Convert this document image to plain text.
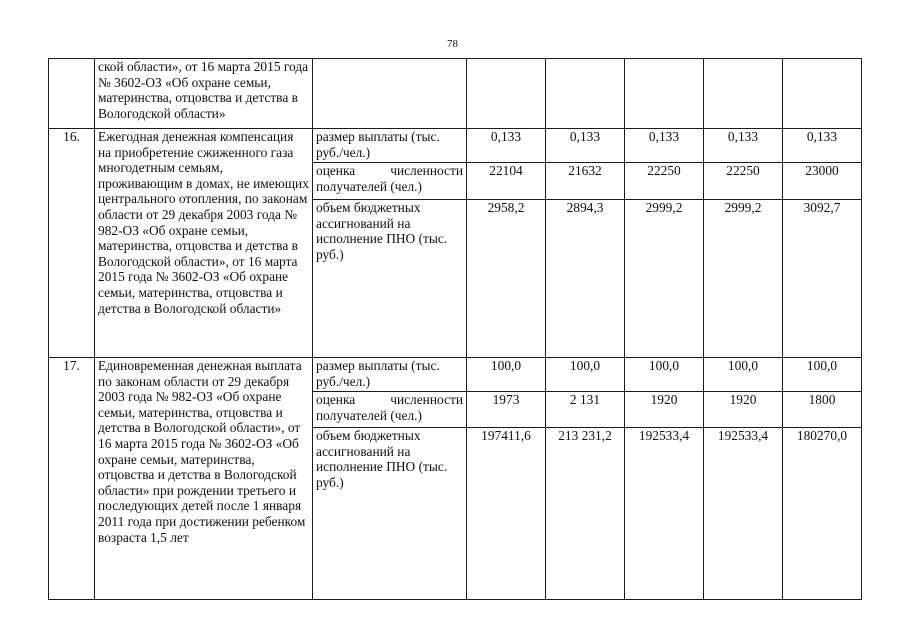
78
	ской области», от 16 марта 2015 года № 3602-ОЗ «Об охране семьи, материнства, отцовства и детства в Вологодской области»						
16.	Ежегодная денежная компенсация на приобретение сжиженного газа многодетным семьям, проживающим в домах, не имеющих центрального отопления, по законам области от 29 декабря 2003 года № 982-ОЗ «Об охране семьи, материнства, отцовства и детства в Вологодской области», от 16 марта 2015 года № 3602-ОЗ «Об охране семьи, материнства, отцовства и детства в Вологодской области»	размер выплаты (тыс. руб./чел.)	0,133	0,133	0,133	0,133	0,133

		оценка численности
получателей (чел.)	22104	21632	22250	22250	23000
		объем бюджетных ассигнований на исполнение ПНО (тыс. руб.)	2958,2	2894,3	2999,2	2999,2	3092,7
17.	Единовременная денежная выплата по законам области от 29 декабря 2003 года № 982-ОЗ «Об охране семьи, материнства, отцовства и детства в Вологодской области», от 16 марта 2015 года № 3602-ОЗ «Об охране семьи, материнства, отцовства и детства в Вологодской области» при рождении третьего и последующих детей после 1 января 2011 года при достижении ребенком возраста 1,5 лет	размер выплаты (тыс. руб./чел.)	100,0	100,0	100,0	100,0	100,0

		оценка численности
получателей (чел.)	1973	2 131	1920	1920	1800
		объем бюджетных ассигнований на исполнение ПНО (тыс. руб.)	197411,6	213 231,2	192533,4	192533,4	180270,0
